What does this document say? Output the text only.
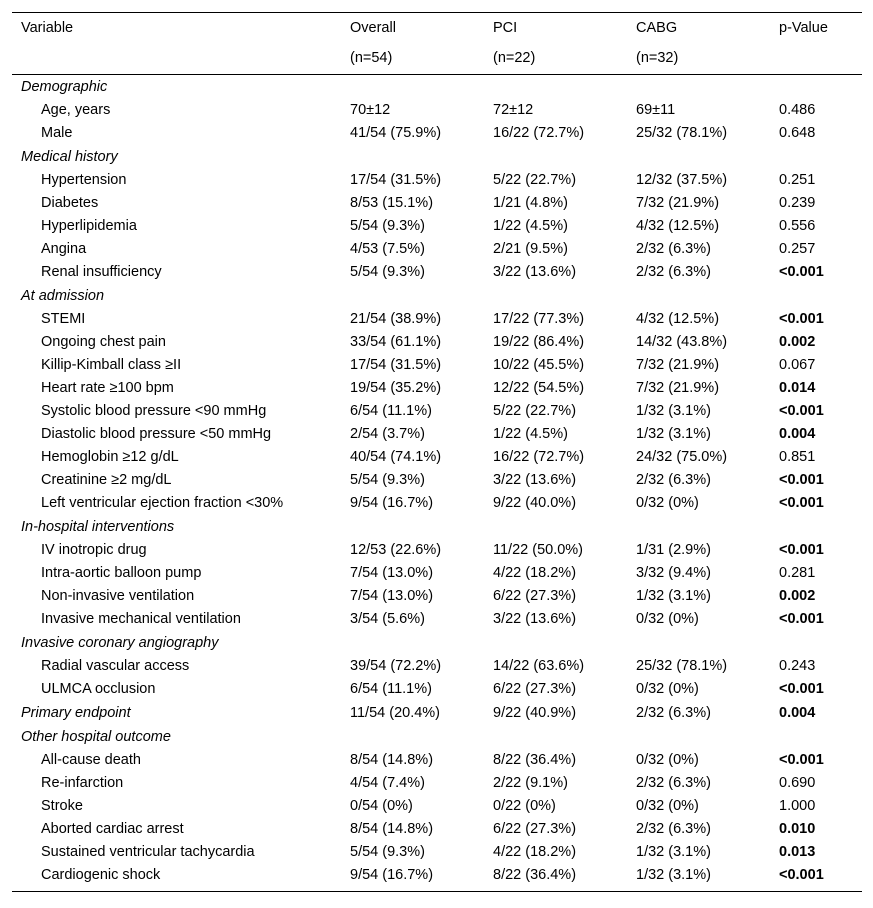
Variable	Overall	PCI	CABG	p-Value
	(n=54)	(n=22)	(n=32)	
Demographic				
Age, years	70±12	72±12	69±11	0.486
Male	41/54 (75.9%)	16/22 (72.7%)	25/32 (78.1%)	0.648
Medical history				
Hypertension	17/54 (31.5%)	5/22 (22.7%)	12/32 (37.5%)	0.251
Diabetes	8/53 (15.1%)	1/21 (4.8%)	7/32 (21.9%)	0.239
Hyperlipidemia	5/54 (9.3%)	1/22 (4.5%)	4/32 (12.5%)	0.556
Angina	4/53 (7.5%)	2/21 (9.5%)	2/32 (6.3%)	0.257
Renal insufficiency	5/54 (9.3%)	3/22 (13.6%)	2/32 (6.3%)	<0.001
At admission				
STEMI	21/54 (38.9%)	17/22 (77.3%)	4/32 (12.5%)	<0.001
Ongoing chest pain	33/54 (61.1%)	19/22 (86.4%)	14/32 (43.8%)	0.002
Killip-Kimball class ≥II	17/54 (31.5%)	10/22 (45.5%)	7/32 (21.9%)	0.067
Heart rate ≥100 bpm	19/54 (35.2%)	12/22 (54.5%)	7/32 (21.9%)	0.014
Systolic blood pressure <90 mmHg	6/54 (11.1%)	5/22 (22.7%)	1/32 (3.1%)	<0.001
Diastolic blood pressure <50 mmHg	2/54 (3.7%)	1/22 (4.5%)	1/32 (3.1%)	0.004
Hemoglobin ≥12 g/dL	40/54 (74.1%)	16/22 (72.7%)	24/32 (75.0%)	0.851
Creatinine ≥2 mg/dL	5/54 (9.3%)	3/22 (13.6%)	2/32 (6.3%)	<0.001
Left ventricular ejection fraction <30%	9/54 (16.7%)	9/22 (40.0%)	0/32 (0%)	<0.001
In-hospital interventions				
IV inotropic drug	12/53 (22.6%)	11/22 (50.0%)	1/31 (2.9%)	<0.001
Intra-aortic balloon pump	7/54 (13.0%)	4/22 (18.2%)	3/32 (9.4%)	0.281
Non-invasive ventilation	7/54 (13.0%)	6/22 (27.3%)	1/32 (3.1%)	0.002
Invasive mechanical ventilation	3/54 (5.6%)	3/22 (13.6%)	0/32 (0%)	<0.001
Invasive coronary angiography				
Radial vascular access	39/54 (72.2%)	14/22 (63.6%)	25/32 (78.1%)	0.243
ULMCA occlusion	6/54 (11.1%)	6/22 (27.3%)	0/32 (0%)	<0.001
Primary endpoint	11/54 (20.4%)	9/22 (40.9%)	2/32 (6.3%)	0.004
Other hospital outcome				
All-cause death	8/54 (14.8%)	8/22 (36.4%)	0/32 (0%)	<0.001
Re-infarction	4/54 (7.4%)	2/22 (9.1%)	2/32 (6.3%)	0.690
Stroke	0/54 (0%)	0/22 (0%)	0/32 (0%)	1.000
Aborted cardiac arrest	8/54 (14.8%)	6/22 (27.3%)	2/32 (6.3%)	0.010
Sustained ventricular tachycardia	5/54 (9.3%)	4/22 (18.2%)	1/32 (3.1%)	0.013
Cardiogenic shock	9/54 (16.7%)	8/22 (36.4%)	1/32 (3.1%)	<0.001
